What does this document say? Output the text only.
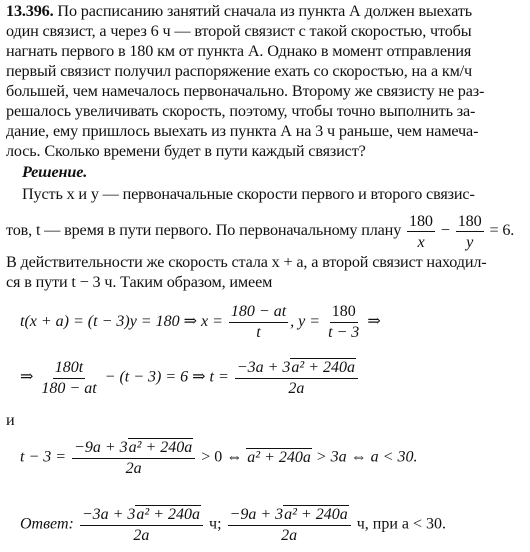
13.396. По расписанию занятий сначала из пункта А должен выехать
один связист, а через 6 ч — второй связист с такой скоростью, чтобы
нагнать первого в 180 км от пункта А. Однако в момент отправления
первый связист получил распоряжение ехать со скоростью, на a км/ч
большей, чем намечалось первоначально. Второму же связисту не раз-
решалось увеличивать скорость, поэтому, чтобы точно выполнить за-
дание, ему пришлось выехать из пункта А на 3 ч раньше, чем намеча-
лось. Сколько времени будет в пути каждый связист?
Решение.
Пусть x и y — первоначальные скорости первого и второго связис-
тов, t — время в пути первого. По первоначальному плану $\frac{180}{x} - \frac{180}{y} = 6$.
В действительности же скорость стала x + a, а второй связист находил-
ся в пути t − 3 ч. Таким образом, имеем
t(x + a) = (t − 3)y = 180 ⇒ $x = \frac{180 - at}{t}$ , $y = \frac{180}{t - 3}$ ⇒
⇒ $\frac{180t}{180 - at} - (t - 3) = 6$ ⇒ $t = \frac{\text{−3a + 3a² + 240a}}{2a}$
и
$t - 3 = \frac{\text{−9a + 3a² + 240a}}{2a} > 0$ ⇔ a² + 240a > 3a ⇔ a < 30.
Ответ: $\frac{\text{−3a + 3a² + 240a}}{2a} ч$; $\frac{\text{−9a + 3a² + 240a}}{2a} ч$, при a < 30.
